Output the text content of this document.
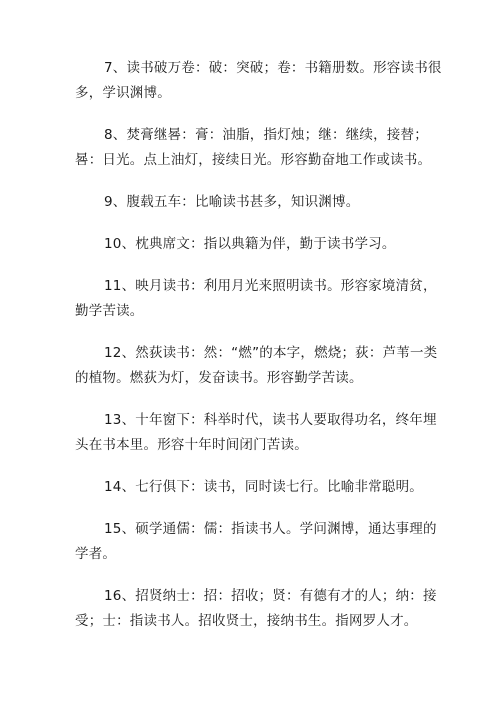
7、读书破万卷：破：突破；卷：书籍册数。形容读书很多，学识渊博。

8、焚膏继晷：膏：油脂，指灯烛；继：继续，接替；晷：日光。点上油灯，接续日光。形容勤奋地工作或读书。

9、腹载五车：比喻读书甚多，知识渊博。

10、枕典席文：指以典籍为伴，勤于读书学习。

11、映月读书：利用月光来照明读书。形容家境清贫，勤学苦读。

12、然荻读书：然：“燃”的本字，燃烧；荻：芦苇一类的植物。燃荻为灯，发奋读书。形容勤学苦读。

13、十年窗下：科举时代，读书人要取得功名，终年埋头在书本里。形容十年时间闭门苦读。

14、七行俱下：读书，同时读七行。比喻非常聪明。

15、硕学通儒：儒：指读书人。学问渊博，通达事理的学者。

16、招贤纳士：招：招收；贤：有德有才的人；纳：接受；士：指读书人。招收贤士，接纳书生。指网罗人才。
